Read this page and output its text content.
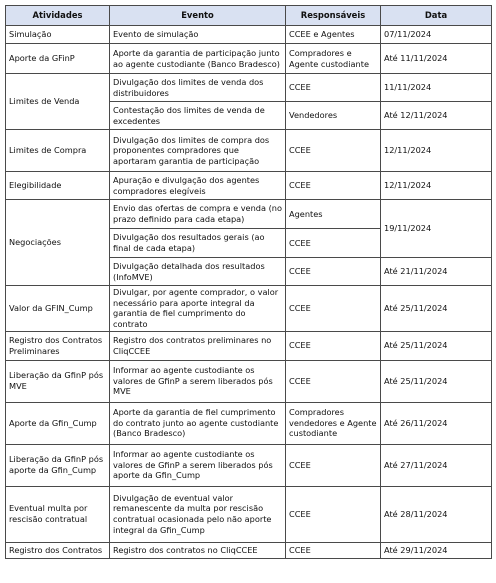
Atividades	Evento	Responsáveis	Data
Simulação	Evento de simulação	CCEE e Agentes	07/11/2024
Aporte da GFinP	Aporte da garantia de participação junto ao agente custodiante (Banco Bradesco)	Compradores e Agente custodiante	Até 11/11/2024
Limites de Venda	Divulgação dos limites de venda dos distribuidores	CCEE	11/11/2024
	Contestação dos limites de venda de excedentes	Vendedores	Até 12/11/2024
Limites de Compra	Divulgação dos limites de compra dos proponentes compradores que aportaram garantia de participação	CCEE	12/11/2024
Elegibilidade	Apuração e divulgação dos agentes compradores elegíveis	CCEE	12/11/2024
Negociações	Envio das ofertas de compra e venda (no prazo definido para cada etapa)	Agentes	19/11/2024
	Divulgação dos resultados gerais (ao final de cada etapa)	CCEE	
	Divulgação detalhada dos resultados (InfoMVE)	CCEE	Até 21/11/2024
Valor da GFIN_Cump	Divulgar, por agente comprador, o valor necessário para aporte integral da garantia de fiel cumprimento do contrato	CCEE	Até 25/11/2024
Registro dos Contratos Preliminares	Registro dos contratos preliminares no CliqCCEE	CCEE	Até 25/11/2024
Liberação da GfinP pós MVE	Informar ao agente custodiante os valores de GfinP a serem liberados pós MVE	CCEE	Até 25/11/2024
Aporte da Gfin_Cump	Aporte da garantia de fiel cumprimento do contrato junto ao agente custodiante (Banco Bradesco)	Compradores vendedores e Agente custodiante	Até 26/11/2024
Liberação da GfinP pós aporte da Gfin_Cump	Informar ao agente custodiante os valores de GfinP a serem liberados pós aporte da Gfin_Cump	CCEE	Até 27/11/2024
Eventual multa por rescisão contratual	Divulgação de eventual valor remanescente da multa por rescisão contratual ocasionada pelo não aporte integral da Gfin_Cump	CCEE	Até 28/11/2024
Registro dos Contratos	Registro dos contratos no CliqCCEE	CCEE	Até 29/11/2024
